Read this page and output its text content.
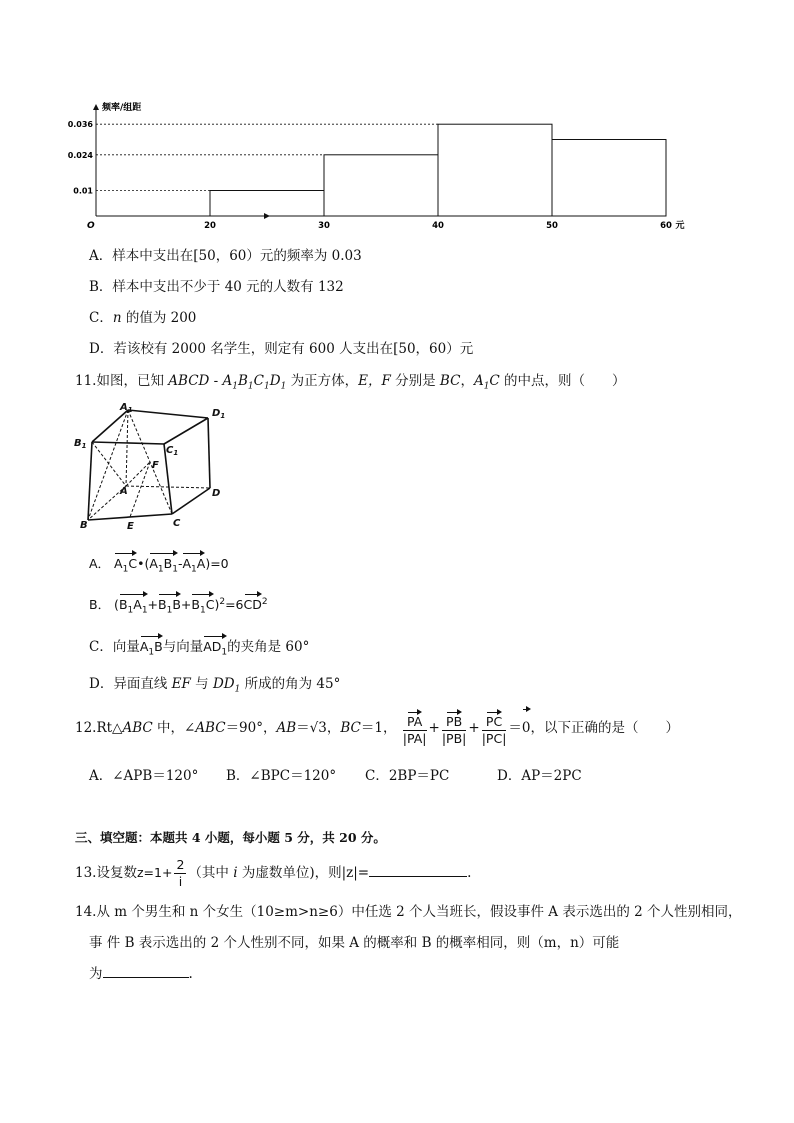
频率/组距
0.036
0.024
0.01
20	30	40	50	60 元
O
A．样本中支出在[50，60）元的频率为 0.03
B．样本中支出不少于 40 元的人数有 132
C．n 的值为 200
D．若该校有 2000 名学生，则定有 600 人支出在[50，60）元
11.如图，已知 ABCD - $A_1B_1C_1D_1$ 为正方体，E，F 分别是 BC，$A_1C$ 的中点，则（　　）
$A_1$	$D_1$
$B_1$	$C_1$
F
A	D
B	E	C
A． $A_1C•(A_1B_1-A_1A)=0$
B． $(B_1A_1+B_1B+B_1C)^2=6CD^2$
C．向量$A_1B$与向量$AD_1$的夹角是 60°
D．异面直线 EF 与 $DD_1$ 所成的角为 45°
12.Rt△ABC 中，∠ABC＝90°，AB＝√3，BC＝1， $\frac{PA}{|PA|} + \frac{PB}{|PB|} + \frac{PC}{|PC|} =0$，以下正确的是（　　）
A．∠APB＝120° B．∠BPC＝120° C．2BP＝PC	D．AP＝2PC
三、填空题：本题共 4 小题，每小题 5 分，共 20 分。
13.设复数$z=1+ \frac{2}{i}$ （其中 i 为虚数单位)，则|z|=	.
14.从 m 个男生和 n 个女生（10≥m>n≥6）中任选 2 个人当班长，假设事件 A 表示选出的 2 个人性别相同，
事 件 B 表示选出的 2 个人性别不同，如果 A 的概率和 B 的概率相同，则（m，n）可能
为	.
